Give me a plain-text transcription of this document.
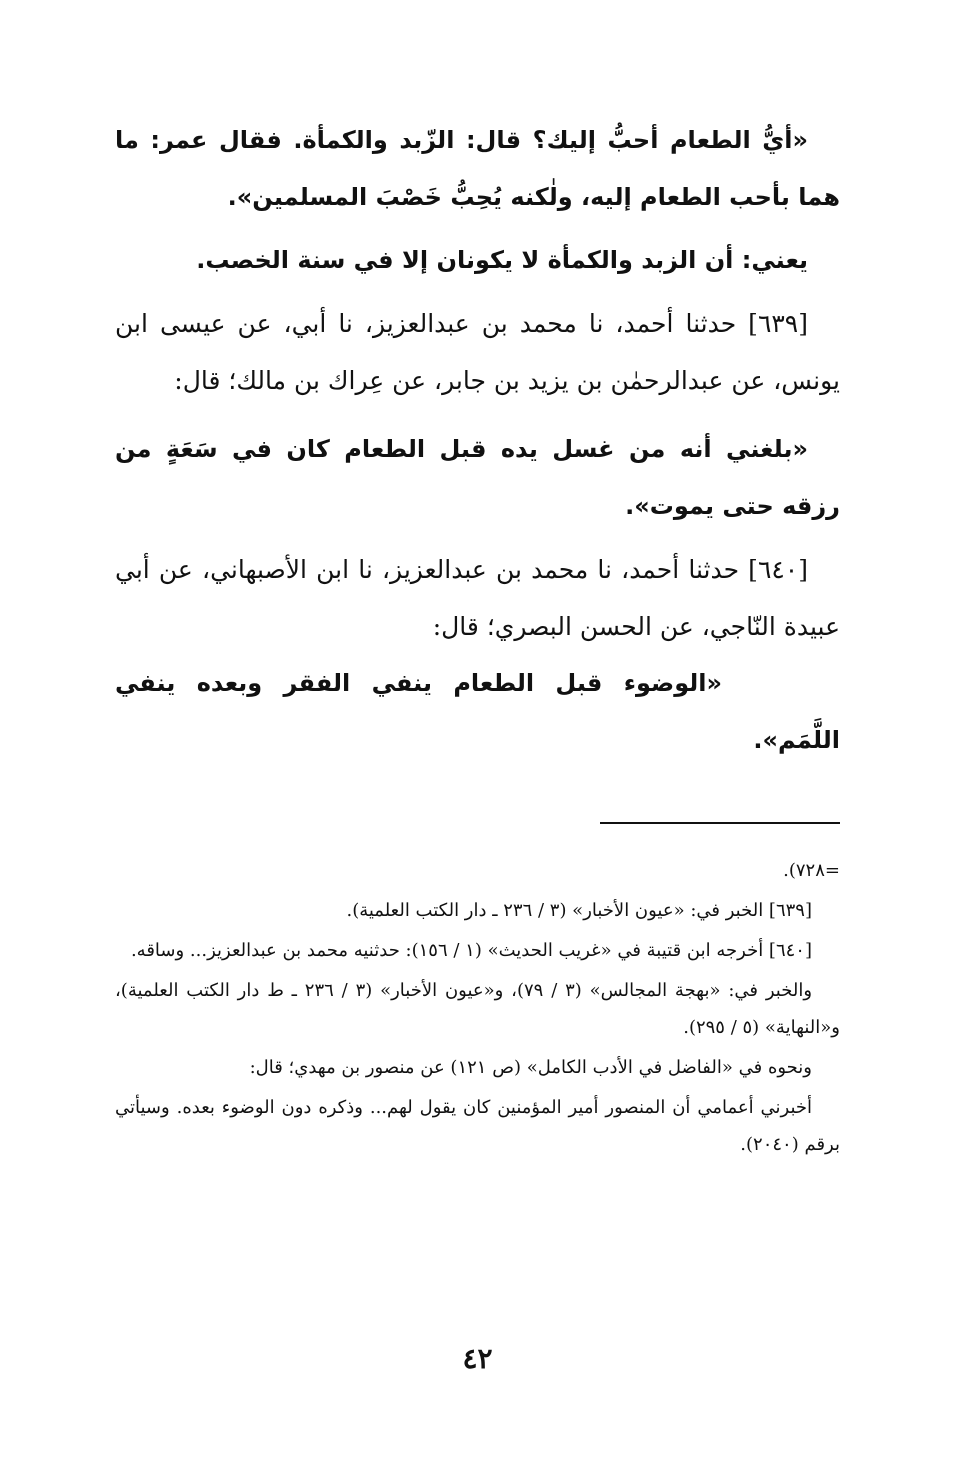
«أيُّ الطعام أحبُّ إليك؟ قال: الزّبد والكمأة. فقال عمر: ما هما بأحب الطعام إليه، ولٰكنه يُحِبُّ خَصْبَ المسلمين».

يعني: أن الزبد والكمأة لا يكونان إلا في سنة الخصب.

[٦٣٩] حدثنا أحمد، نا محمد بن عبدالعزيز، نا أبي، عن عيسى ابن يونس، عن عبدالرحمٰن بن يزيد بن جابر، عن عِراك بن مالك؛ قال:

«بلغني أنه من غسل يده قبل الطعام كان في سَعَةٍ من رزقه حتى يموت».

[٦٤٠] حدثنا أحمد، نا محمد بن عبدالعزيز، نا ابن الأصبهاني، عن أبي عبيدة النّاجي، عن الحسن البصري؛ قال:

«الوضوء قبل الطعام ينفي الفقر وبعده ينفي اللَّمَم».

=٧٢٨).

[٦٣٩] الخبر في: «عيون الأخبار» (٣ / ٢٣٦ ـ دار الكتب العلمية).

[٦٤٠] أخرجه ابن قتيبة في «غريب الحديث» (١ / ١٥٦): حدثنيه محمد بن عبدالعزيز... وساقه.

والخبر في: «بهجة المجالس» (٣ / ٧٩)، و«عيون الأخبار» (٣ / ٢٣٦ ـ ط دار الكتب العلمية)، و«النهاية» (٥ / ٢٩٥).

ونحوه في «الفاضل في الأدب الكامل» (ص ١٢١) عن منصور بن مهدي؛ قال:

أخبرني أعمامي أن المنصور أمير المؤمنين كان يقول لهم... وذكره دون الوضوء بعده. وسيأتي برقم (٢٠٤٠).

٤٢
